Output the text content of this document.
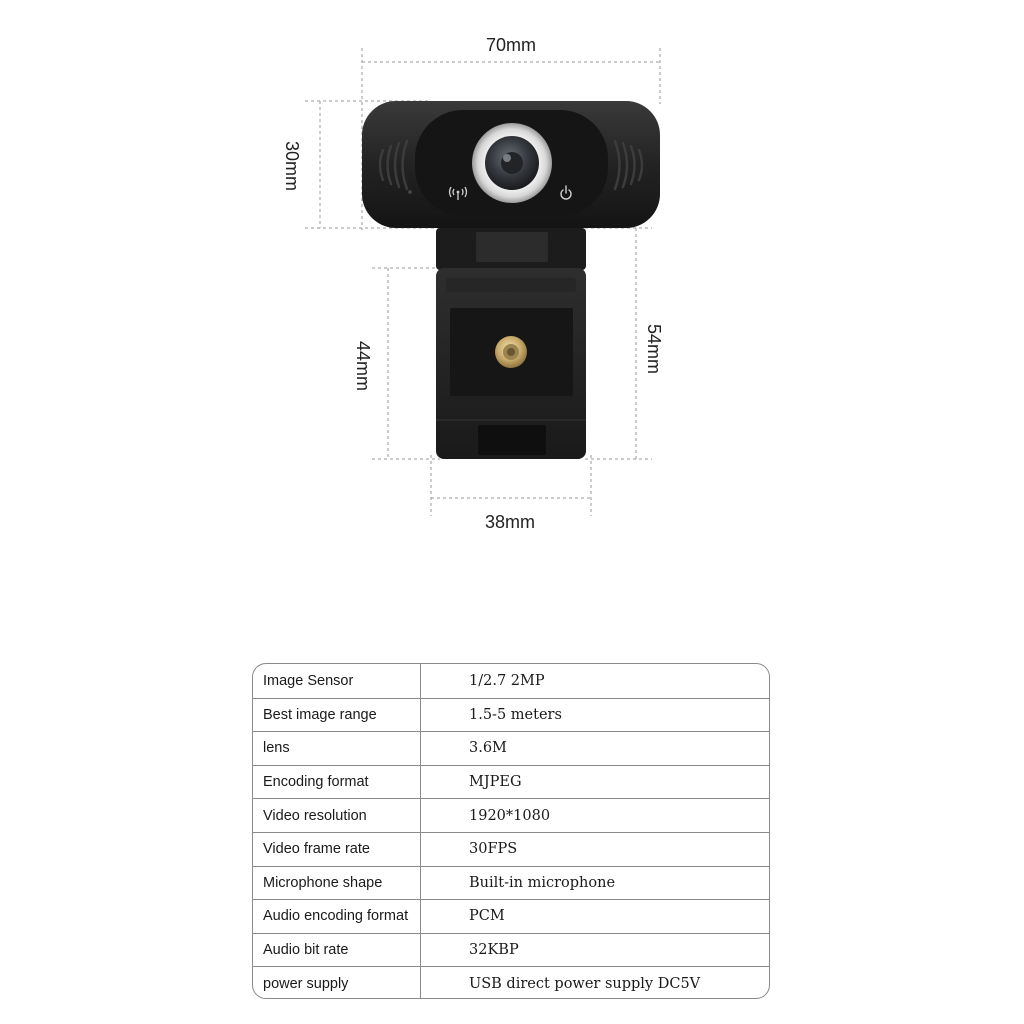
70mm
30mm
44mm	54mm
38mm
Image Sensor	1/2.7 2MP
Best image range	1.5-5 meters
lens	3.6M
Encoding format	MJPEG
Video resolution	1920*1080
Video frame rate	30FPS
Microphone shape	Built-in microphone
Audio encoding format	PCM
Audio bit rate	32KBP
power supply	USB direct power supply DC5V
